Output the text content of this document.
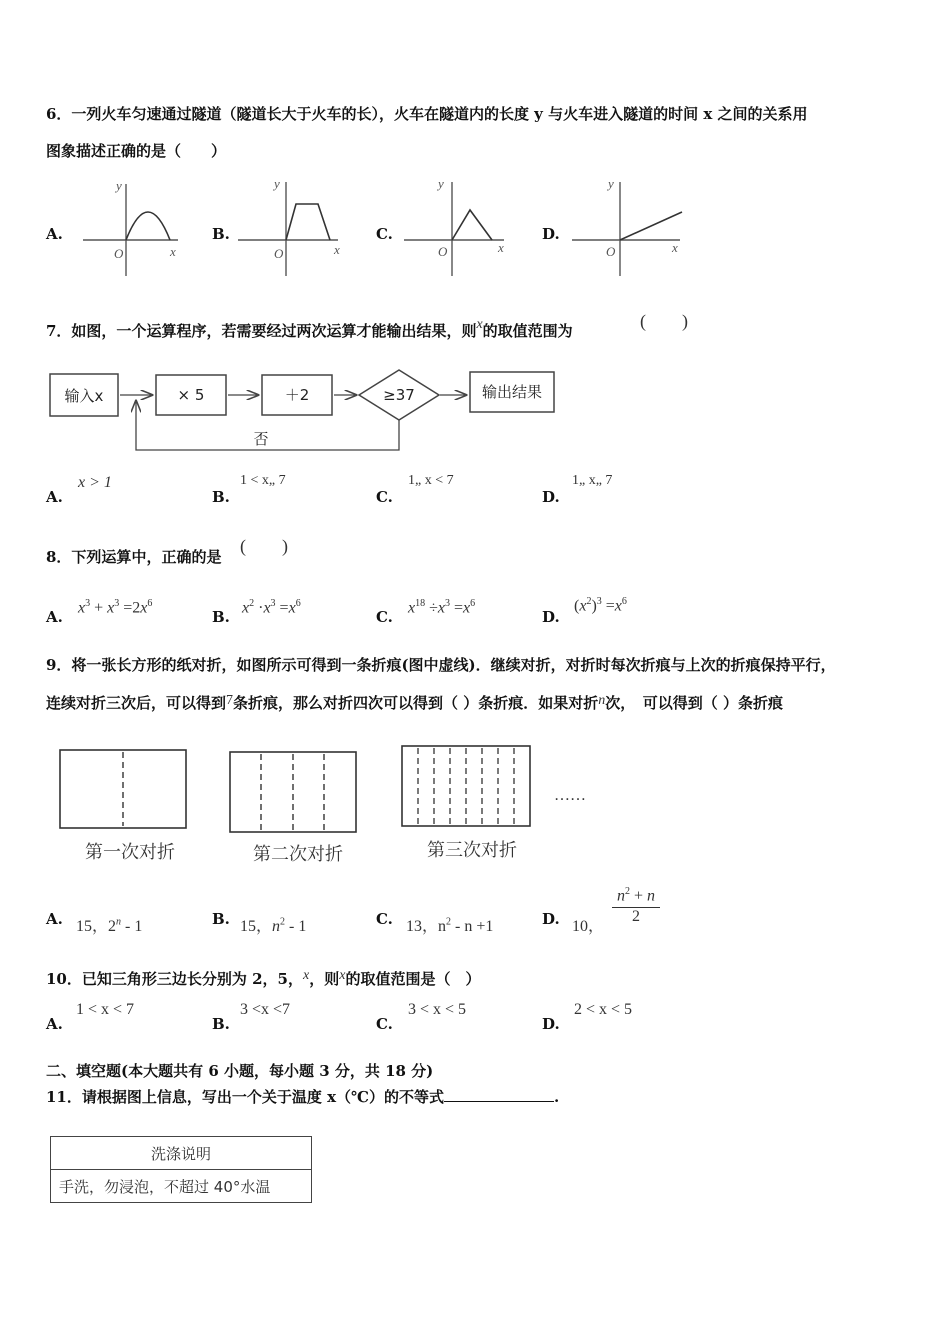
6．一列火车匀速通过隧道（隧道长大于火车的长），火车在隧道内的长度 y 与火车进入隧道的时间 x 之间的关系用
图象描述正确的是（　　）
A.
y
x
O
B.
y
x
O
C.
y
x
O
D.
y
x
O
7．如图，一个运算程序，若需要经过两次运算才能输出结果，则x的取值范围为	(　　)
输入x	× 5	＋2	≥37	输出结果
否
A.
x > 1
B.
1 < x„ 7
C.
1„ x < 7
D.
1„ x„ 7
8．下列运算中，正确的是
(　　)
A.
$x^3 + x^3 =2x^6$
B.
$x^2 \cdot x^3 =x^6$
C.
$x^{18} \div x^3 =x^6$
D.
$(x^2)^3 =x^6$
9．将一张长方形的纸对折，如图所示可得到一条折痕(图中虚线)．继续对折，对折时每次折痕与上次的折痕保持平行，
连续对折三次后，可以得到7条折痕，那么对折四次可以得到（ ）条折痕．如果对折n次，　可以得到（ ）条折痕
第一次对折	第二次对折	第三次对折
……
A. 15，2$^n$ - 1	B. 15，$n^2 - 1$	C. 13，$n^2 - n +1$	D. 10，
$\frac{n^2 + n}{2}$
10．已知三角形三边长分别为 2，5，x，则x的取值范围是（　）
A.
1 < x < 7
B.
3 <x <7
C.
3 < x < 5
D.
2 < x < 5
二、填空题(本大题共有 6 小题，每小题 3 分，共 18 分)
11．请根据图上信息，写出一个关于温度 x（℃）的不等式	.
洗涤说明
手洗，勿浸泡，不超过 40°水温
